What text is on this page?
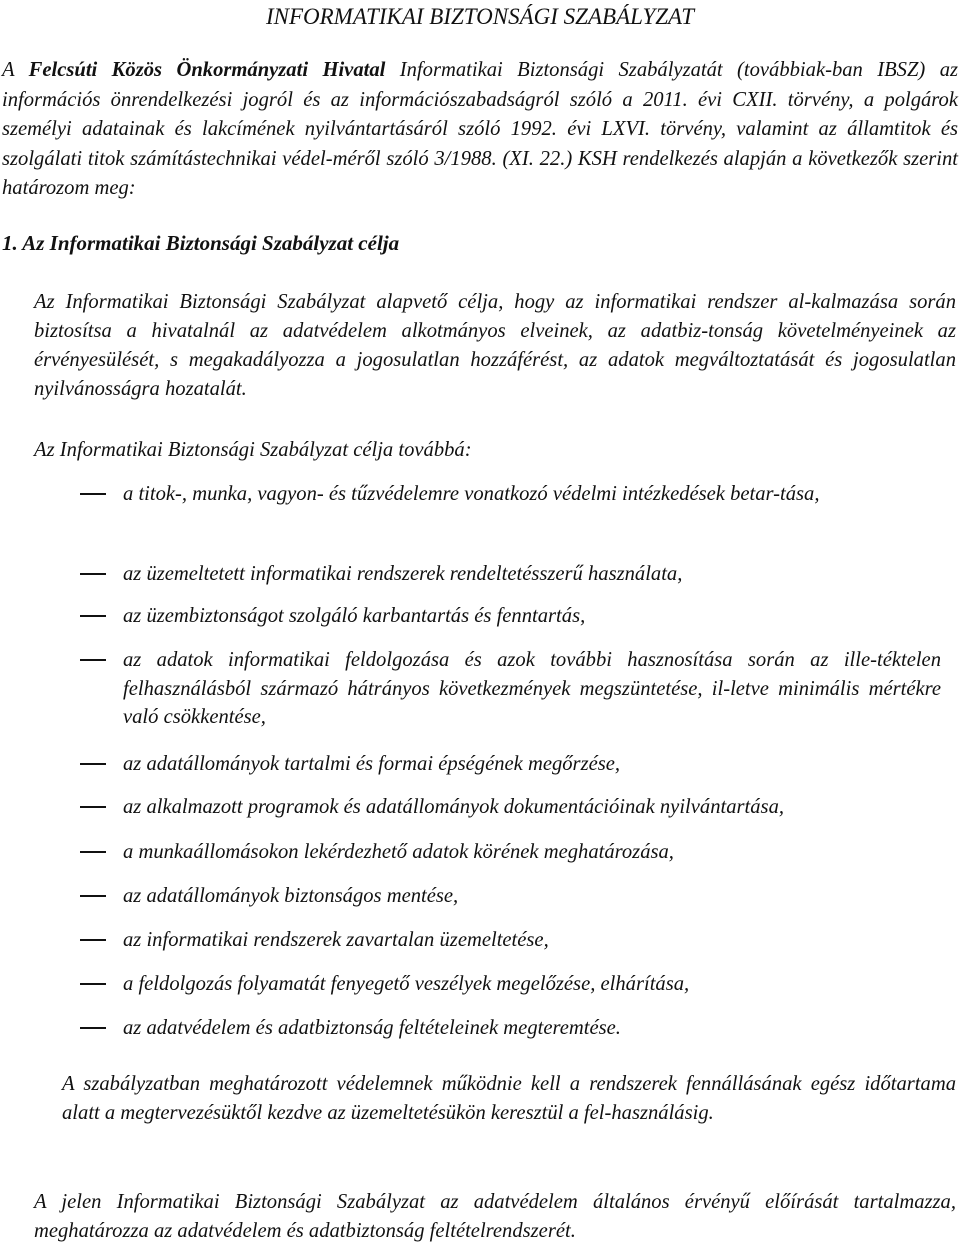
INFORMATIKAI BIZTONSÁGI SZABÁLYZAT

A Felcsúti Közös Önkormányzati Hivatal Informatikai Biztonsági Szabályzatát (továbbiak-ban IBSZ) az információs önrendelkezési jogról és az információszabadságról szóló a 2011. évi CXII. törvény, a polgárok személyi adatainak és lakcímének nyilvántartásáról szóló 1992. évi LXVI. törvény, valamint az államtitok és szolgálati titok számítástechnikai védel-méről szóló 3/1988. (XI. 22.) KSH rendelkezés alapján a következők szerint határozom meg:

1. Az Informatikai Biztonsági Szabályzat célja

Az Informatikai Biztonsági Szabályzat alapvető célja, hogy az informatikai rendszer al-kalmazása során biztosítsa a hivatalnál az adatvédelem alkotmányos elveinek, az adatbiz-tonság követelményeinek az érvényesülését, s megakadályozza a jogosulatlan hozzáférést, az adatok megváltoztatását és jogosulatlan nyilvánosságra hozatalát.

Az Informatikai Biztonsági Szabályzat célja továbbá:

a titok-, munka, vagyon- és tűzvédelemre vonatkozó védelmi intézkedések betar-tása,
az üzemeltetett informatikai rendszerek rendeltetésszerű használata,
az üzembiztonságot szolgáló karbantartás és fenntartás,
az adatok informatikai feldolgozása és azok további hasznosítása során az ille-téktelen felhasználásból származó hátrányos következmények megszüntetése, il-letve minimális mértékre való csökkentése,
az adatállományok tartalmi és formai épségének megőrzése,
az alkalmazott programok és adatállományok dokumentációinak nyilvántartása,
a munkaállomásokon lekérdezhető adatok körének meghatározása,
az adatállományok biztonságos mentése,
az informatikai rendszerek zavartalan üzemeltetése,
a feldolgozás folyamatát fenyegető veszélyek megelőzése, elhárítása,
az adatvédelem és adatbiztonság feltételeinek megteremtése.

A szabályzatban meghatározott védelemnek működnie kell a rendszerek fennállásának egész időtartama alatt a megtervezésüktől kezdve az üzemeltetésükön keresztül a fel-használásig.

A jelen Informatikai Biztonsági Szabályzat az adatvédelem általános érvényű előírását tartalmazza, meghatározza az adatvédelem és adatbiztonság feltételrendszerét.
